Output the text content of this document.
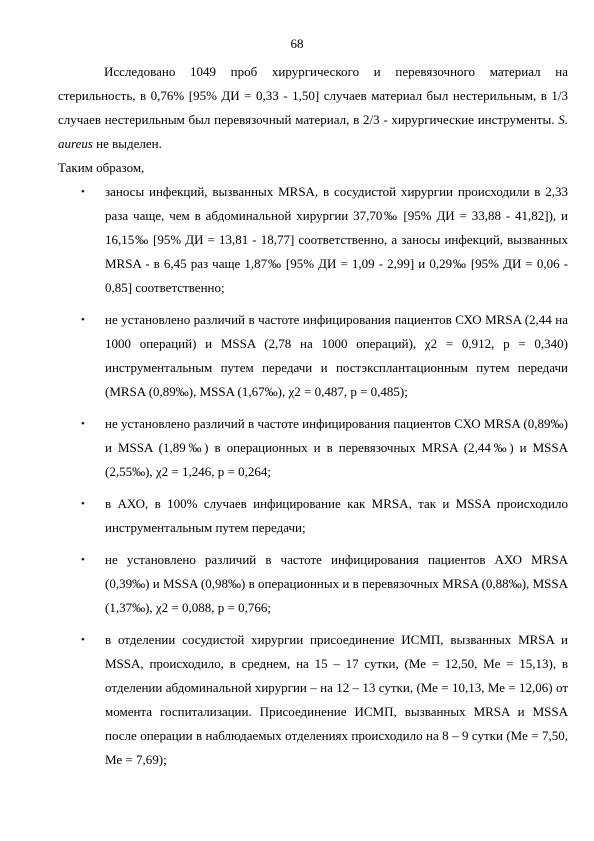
68

Исследовано 1049 проб хирургического и перевязочного материал на стерильность, в 0,76% [95% ДИ = 0,33 - 1,50] случаев материал был нестерильным, в 1/3 случаев нестерильным был перевязочный материал, в 2/3 - хирургические инструменты. S. aureus не выделен.

Таким образом,

• заносы инфекций, вызванных MRSA, в сосудистой хирургии происходили в 2,33 раза чаще, чем в абдоминальной хирургии 37,70‰ [95% ДИ = 33,88 - 41,82]), и 16,15‰ [95% ДИ = 13,81 - 18,77] соответственно, а заносы инфекций, вызванных MRSA - в 6,45 раз чаще 1,87‰ [95% ДИ = 1,09 - 2,99] и 0,29‰ [95% ДИ = 0,06 - 0,85] соответственно;
• не установлено различий в частоте инфицирования пациентов СХО MRSA (2,44 на 1000 операций) и MSSA (2,78 на 1000 операций), χ2 = 0,912, р = 0,340) инструментальным путем передачи и постэксплантационным путем передачи (MRSA (0,89‰), MSSA (1,67‰), χ2 = 0,487, p = 0,485);
• не установлено различий в частоте инфицирования пациентов СХО MRSA (0,89‰) и MSSA (1,89‰) в операционных и в перевязочных MRSA (2,44‰) и MSSA (2,55‰), χ2 = 1,246, р = 0,264;
• в АХО, в 100% случаев инфицирование как MRSA, так и MSSA происходило инструментальным путем передачи;
• не установлено различий в частоте инфицирования пациентов АХО MRSA (0,39‰) и MSSA (0,98‰) в операционных и в перевязочных MRSA (0,88‰), MSSA (1,37‰), χ2 = 0,088, р = 0,766;
• в отделении сосудистой хирургии присоединение ИСМП, вызванных MRSA и MSSA, происходило, в среднем, на 15 – 17 сутки, (Ме = 12,50, Ме = 15,13), в отделении абдоминальной хирургии – на 12 – 13 сутки, (Ме = 10,13, Ме = 12,06) от момента госпитализации. Присоединение ИСМП, вызванных MRSA и MSSA после операции в наблюдаемых отделениях происходило на 8 – 9 сутки (Ме = 7,50, Ме = 7,69);
